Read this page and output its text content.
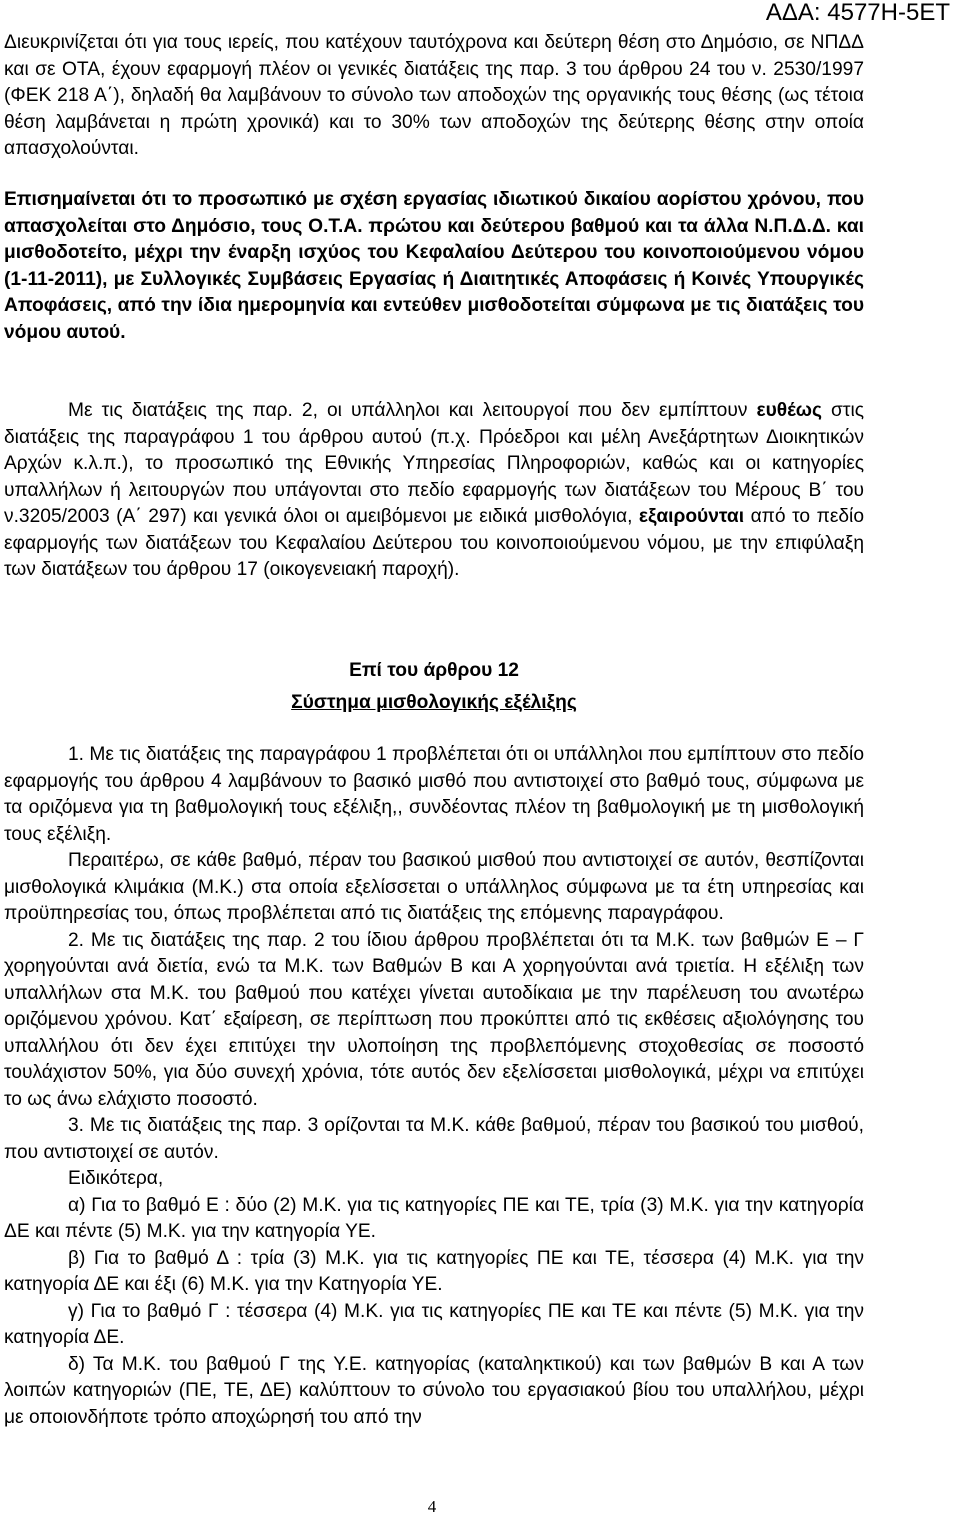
ΑΔΑ: 4577Η-5ΕΤ

Διευκρινίζεται ότι για τους ιερείς, που κατέχουν ταυτόχρονα και δεύτερη θέση στο Δημόσιο, σε ΝΠΔΔ και σε ΟΤΑ, έχουν εφαρμογή πλέον οι γενικές διατάξεις της παρ. 3 του άρθρου 24 του ν. 2530/1997 (ΦΕΚ 218 Α΄), δηλαδή θα λαμβάνουν το σύνολο των αποδοχών της οργανικής τους θέσης (ως τέτοια θέση λαμβάνεται η πρώτη χρονικά) και το 30% των αποδοχών της δεύτερης θέσης στην οποία απασχολούνται.

Επισημαίνεται ότι το προσωπικό με σχέση εργασίας ιδιωτικού δικαίου αορίστου χρόνου, που απασχολείται στο Δημόσιο, τους Ο.Τ.Α. πρώτου και δεύτερου βαθμού και τα άλλα Ν.Π.Δ.Δ. και μισθοδοτείτο, μέχρι την έναρξη ισχύος του Κεφαλαίου Δεύτερου του κοινοποιούμενου νόμου (1-11-2011), με Συλλογικές Συμβάσεις Εργασίας ή Διαιτητικές Αποφάσεις ή Κοινές Υπουργικές Αποφάσεις, από την ίδια ημερομηνία και εντεύθεν μισθοδοτείται σύμφωνα με τις διατάξεις του νόμου αυτού.

Με τις διατάξεις της παρ. 2, οι υπάλληλοι και λειτουργοί που δεν εμπίπτουν ευθέως στις διατάξεις της παραγράφου 1 του άρθρου αυτού (π.χ. Πρόεδροι και μέλη Ανεξάρτητων Διοικητικών Αρχών κ.λ.π.), το προσωπικό της Εθνικής Υπηρεσίας Πληροφοριών, καθώς και οι κατηγορίες υπαλλήλων ή λειτουργών που υπάγονται στο πεδίο εφαρμογής των διατάξεων του Μέρους Β΄ του ν.3205/2003 (Α΄ 297) και γενικά όλοι οι αμειβόμενοι με ειδικά μισθολόγια, εξαιρούνται από το πεδίο εφαρμογής των διατάξεων του Κεφαλαίου Δεύτερου του κοινοποιούμενου νόμου, με την επιφύλαξη των διατάξεων του άρθρου 17 (οικογενειακή παροχή).

Επί του άρθρου 12
Σύστημα μισθολογικής εξέλιξης

1. Με τις διατάξεις της παραγράφου 1 προβλέπεται ότι οι υπάλληλοι που εμπίπτουν στο πεδίο εφαρμογής του άρθρου 4 λαμβάνουν το βασικό μισθό που αντιστοιχεί στο βαθμό τους, σύμφωνα με τα οριζόμενα για τη βαθμολογική τους εξέλιξη,, συνδέοντας πλέον τη βαθμολογική με τη μισθολογική τους εξέλιξη.

Περαιτέρω, σε κάθε βαθμό, πέραν του βασικού μισθού που αντιστοιχεί σε αυτόν, θεσπίζονται μισθολογικά κλιμάκια (Μ.Κ.) στα οποία εξελίσσεται ο υπάλληλος σύμφωνα με τα έτη υπηρεσίας και προϋπηρεσίας του, όπως προβλέπεται από τις διατάξεις της επόμενης παραγράφου.

2. Με τις διατάξεις της παρ. 2 του ίδιου άρθρου προβλέπεται ότι τα Μ.Κ. των βαθμών Ε – Γ χορηγούνται ανά διετία, ενώ τα Μ.Κ. των Βαθμών Β και Α χορηγούνται ανά τριετία. Η εξέλιξη των υπαλλήλων στα Μ.Κ. του βαθμού που κατέχει γίνεται αυτοδίκαια με την παρέλευση του ανωτέρω οριζόμενου χρόνου. Κατ΄ εξαίρεση, σε περίπτωση που προκύπτει από τις εκθέσεις αξιολόγησης του υπαλλήλου ότι δεν έχει επιτύχει την υλοποίηση της προβλεπόμενης στοχοθεσίας σε ποσοστό τουλάχιστον 50%, για δύο συνεχή χρόνια, τότε αυτός δεν εξελίσσεται μισθολογικά, μέχρι να επιτύχει το ως άνω ελάχιστο ποσοστό.

3. Με τις διατάξεις της παρ. 3 ορίζονται τα Μ.Κ. κάθε βαθμού, πέραν του βασικού του μισθού, που αντιστοιχεί σε αυτόν.

Ειδικότερα,

α) Για το βαθμό Ε : δύο (2) Μ.Κ. για τις κατηγορίες ΠΕ και ΤΕ, τρία (3) Μ.Κ. για την κατηγορία ΔΕ και πέντε (5) Μ.Κ. για την κατηγορία ΥΕ.

β) Για το βαθμό Δ : τρία (3) Μ.Κ. για τις κατηγορίες ΠΕ και ΤΕ, τέσσερα (4) Μ.Κ. για την κατηγορία ΔΕ και έξι (6) Μ.Κ. για την Κατηγορία ΥΕ.

γ) Για το βαθμό Γ : τέσσερα (4) Μ.Κ. για τις κατηγορίες ΠΕ και ΤΕ και πέντε (5) Μ.Κ. για την κατηγορία ΔΕ.

δ) Τα Μ.Κ. του βαθμού Γ της Υ.Ε. κατηγορίας (καταληκτικού) και των βαθμών Β και Α των λοιπών κατηγοριών (ΠΕ, ΤΕ, ΔΕ) καλύπτουν το σύνολο του εργασιακού βίου του υπαλλήλου, μέχρι με οποιονδήποτε τρόπο αποχώρησή του από την

4
